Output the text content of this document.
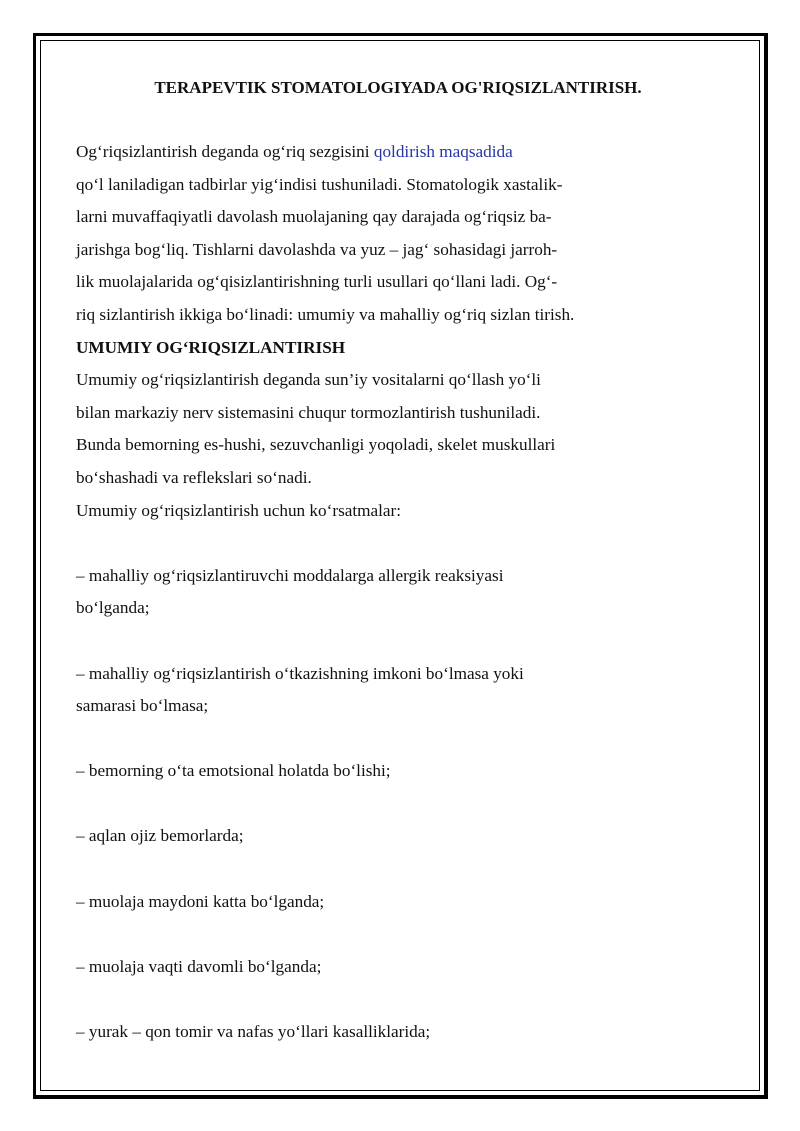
TERAPEVTIK STOMATOLOGIYADA OG'RIQSIZLANTIRISH.
Og‘riqsizlantirish deganda og‘riq sezgisini qoldirish maqsadida
qo‘l laniladigan tadbirlar yig‘indisi tushuniladi. Stomatologik xastalik-
larni muvaffaqiyatli davolash muolajaning qay darajada og‘riqsiz ba-
jarishga bog‘liq. Tishlarni davolashda va yuz – jag‘ sohasidagi jarroh-
lik muolajalarida og‘qisizlantirishning turli usullari qo‘llani ladi. Og‘-
riq sizlantirish ikkiga bo‘linadi: umumiy va mahalliy og‘riq sizlan tirish.
UMUMIY OG‘RIQSIZLANTIRISH
Umumiy og‘riqsizlantirish deganda sun’iy vositalarni qo‘llash yo‘li
bilan markaziy nerv sistemasini chuqur tormozlantirish tushuniladi.
Bunda bemorning es-hushi, sezuvchanligi yoqoladi, skelet muskullari
bo‘shashadi va reflekslari so‘nadi.
Umumiy og‘riqsizlantirish uchun ko‘rsatmalar:
– mahalliy og‘riqsizlantiruvchi moddalarga allergik reaksiyasi
bo‘lganda;
– mahalliy og‘riqsizlantirish o‘tkazishning imkoni bo‘lmasa yoki
samarasi bo‘lmasa;
– bemorning o‘ta emotsional holatda bo‘lishi;
– aqlan ojiz bemorlarda;
– muolaja maydoni katta bo‘lganda;
– muolaja vaqti davomli bo‘lganda;
– yurak – qon tomir va nafas yo‘llari kasalliklarida;
